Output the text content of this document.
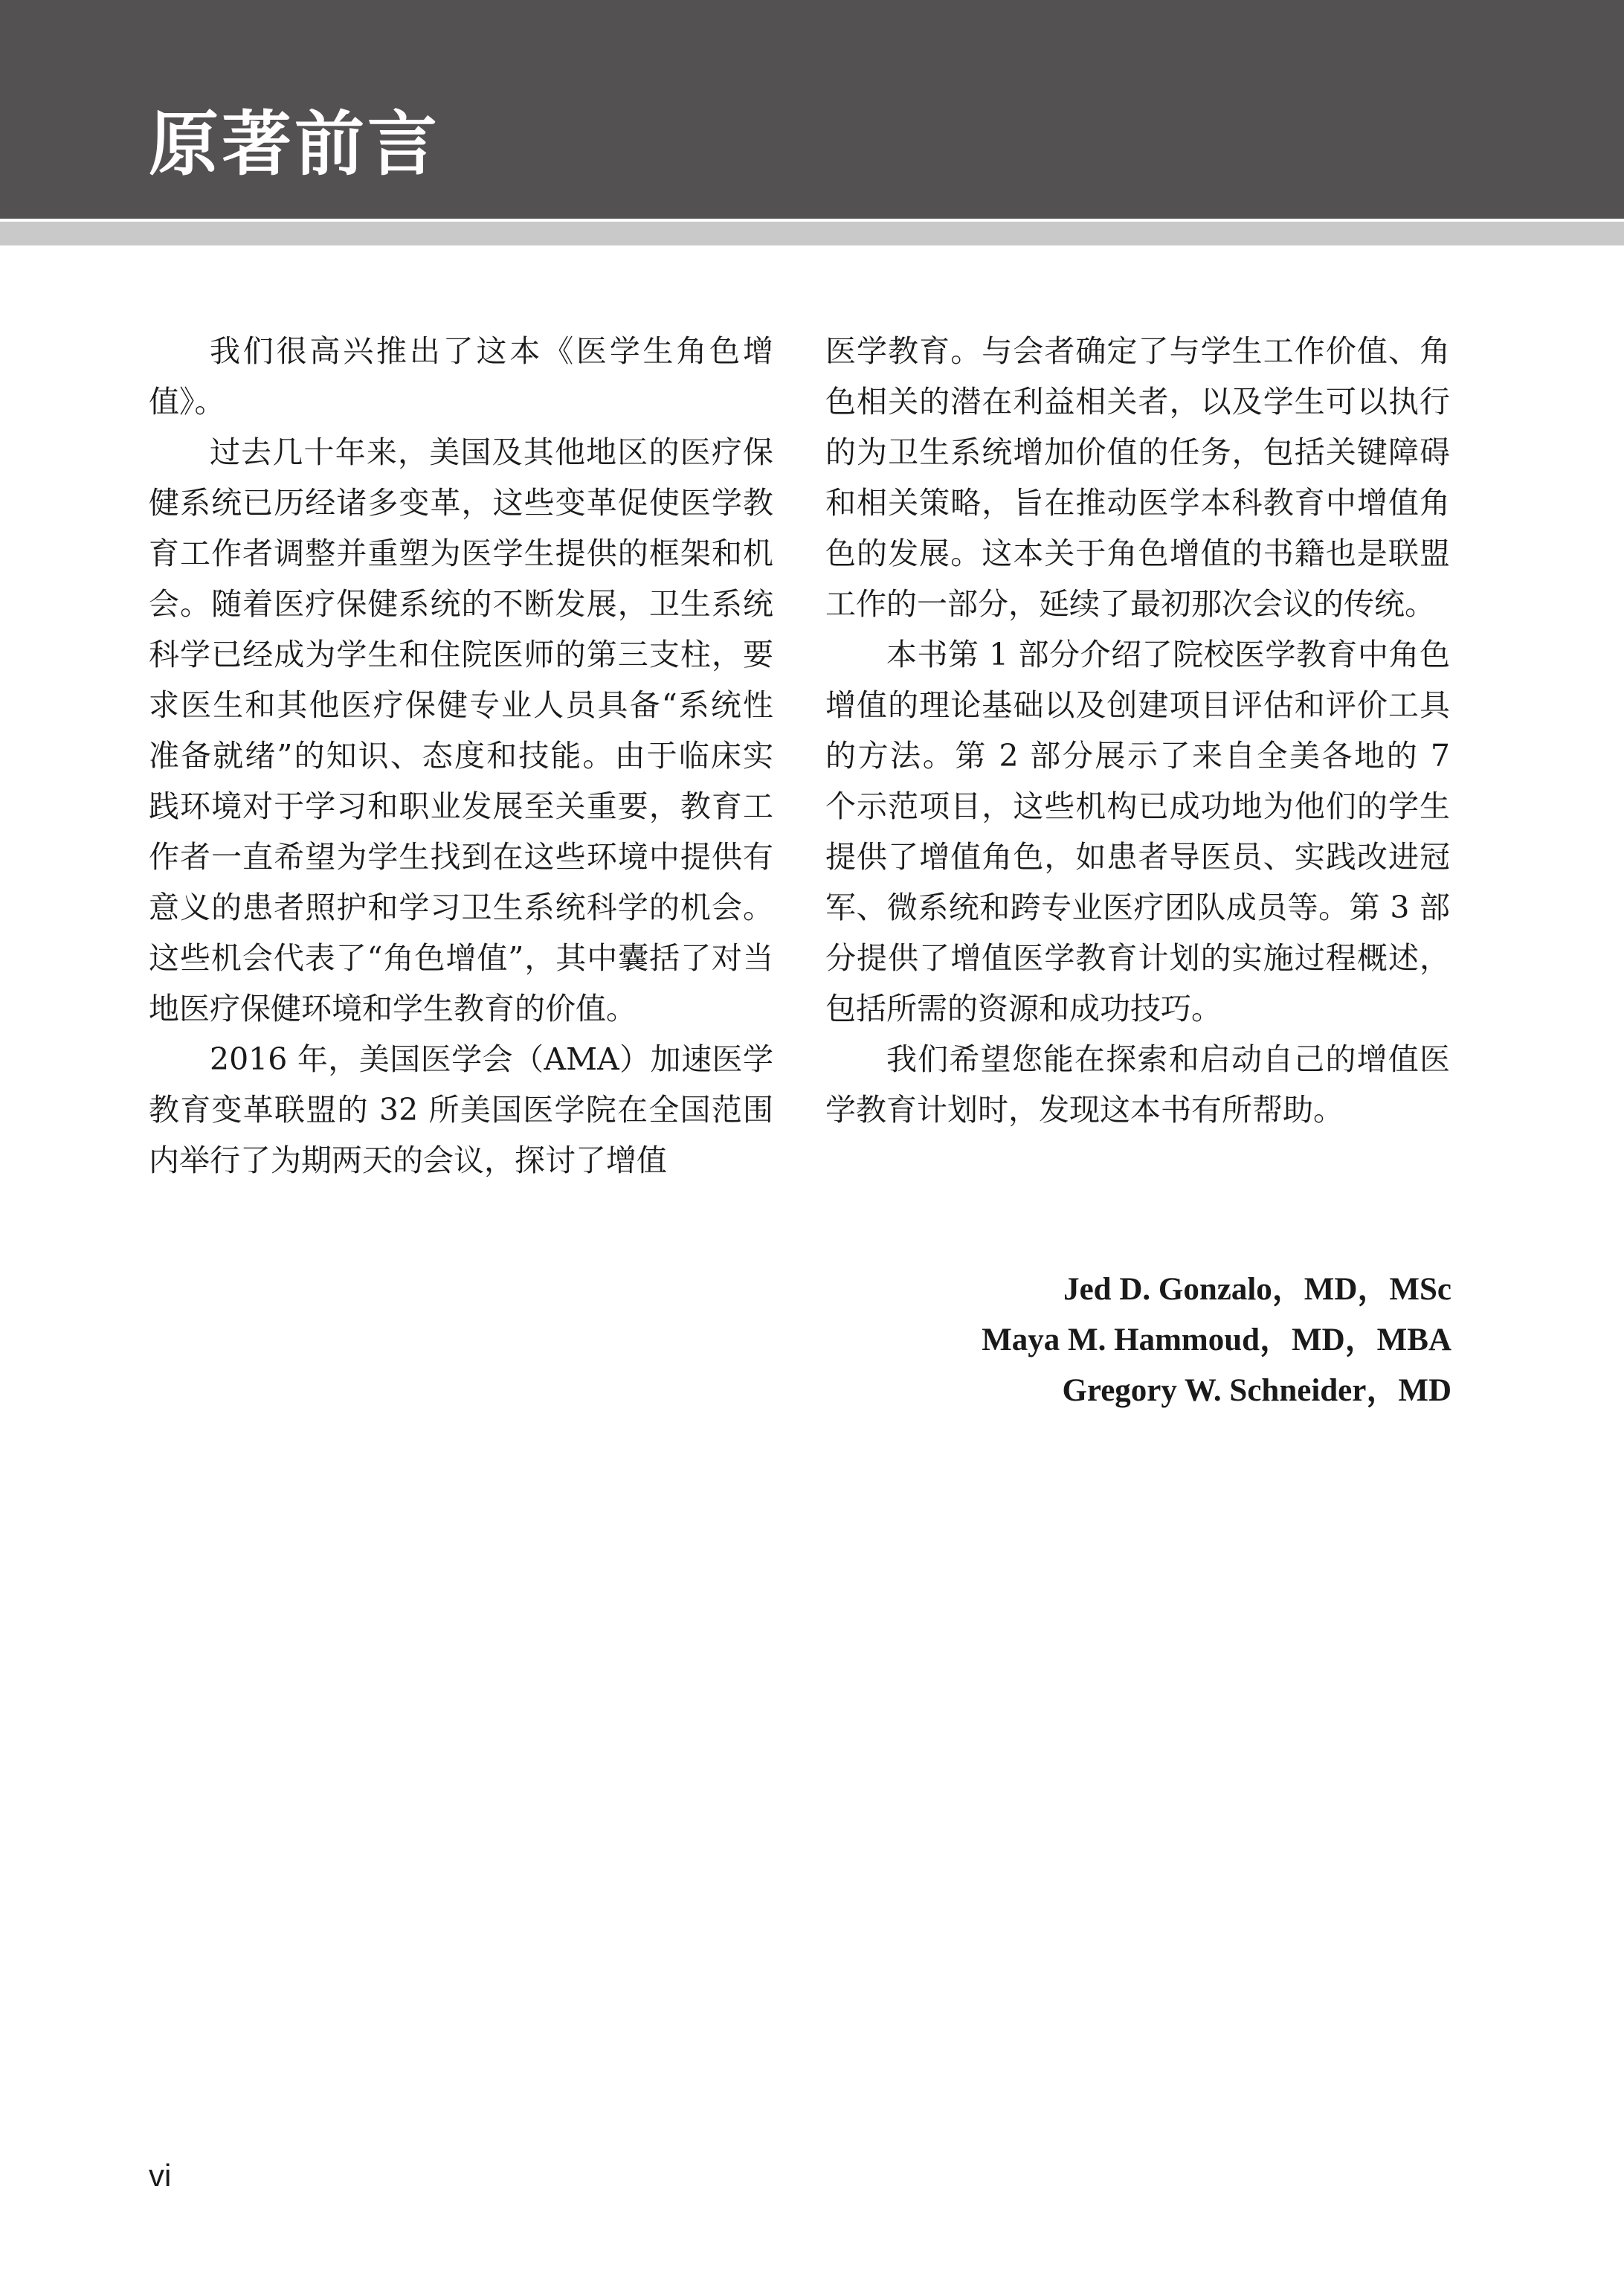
原著前言

我们很高兴推出了这本《医学生角色增值》。

过去几十年来，美国及其他地区的医疗保健系统已历经诸多变革，这些变革促使医学教育工作者调整并重塑为医学生提供的框架和机会。随着医疗保健系统的不断发展，卫生系统科学已经成为学生和住院医师的第三支柱，要求医生和其他医疗保健专业人员具备“系统性准备就绪”的知识、态度和技能。由于临床实践环境对于学习和职业发展至关重要，教育工作者一直希望为学生找到在这些环境中提供有意义的患者照护和学习卫生系统科学的机会。这些机会代表了“角色增值”，其中囊括了对当地医疗保健环境和学生教育的价值。

2016 年，美国医学会（AMA）加速医学教育变革联盟的 32 所美国医学院在全国范围内举行了为期两天的会议，探讨了增值

医学教育。与会者确定了与学生工作价值、角色相关的潜在利益相关者，以及学生可以执行的为卫生系统增加价值的任务，包括关键障碍和相关策略，旨在推动医学本科教育中增值角色的发展。这本关于角色增值的书籍也是联盟工作的一部分，延续了最初那次会议的传统。

本书第 1 部分介绍了院校医学教育中角色增值的理论基础以及创建项目评估和评价工具的方法。第 2 部分展示了来自全美各地的 7 个示范项目，这些机构已成功地为他们的学生提供了增值角色，如患者导医员、实践改进冠军、微系统和跨专业医疗团队成员等。第 3 部分提供了增值医学教育计划的实施过程概述，包括所需的资源和成功技巧。

我们希望您能在探索和启动自己的增值医学教育计划时，发现这本书有所帮助。

Jed D. Gonzalo，MD，MSc
Maya M. Hammoud，MD，MBA
Gregory W. Schneider，MD
vi
